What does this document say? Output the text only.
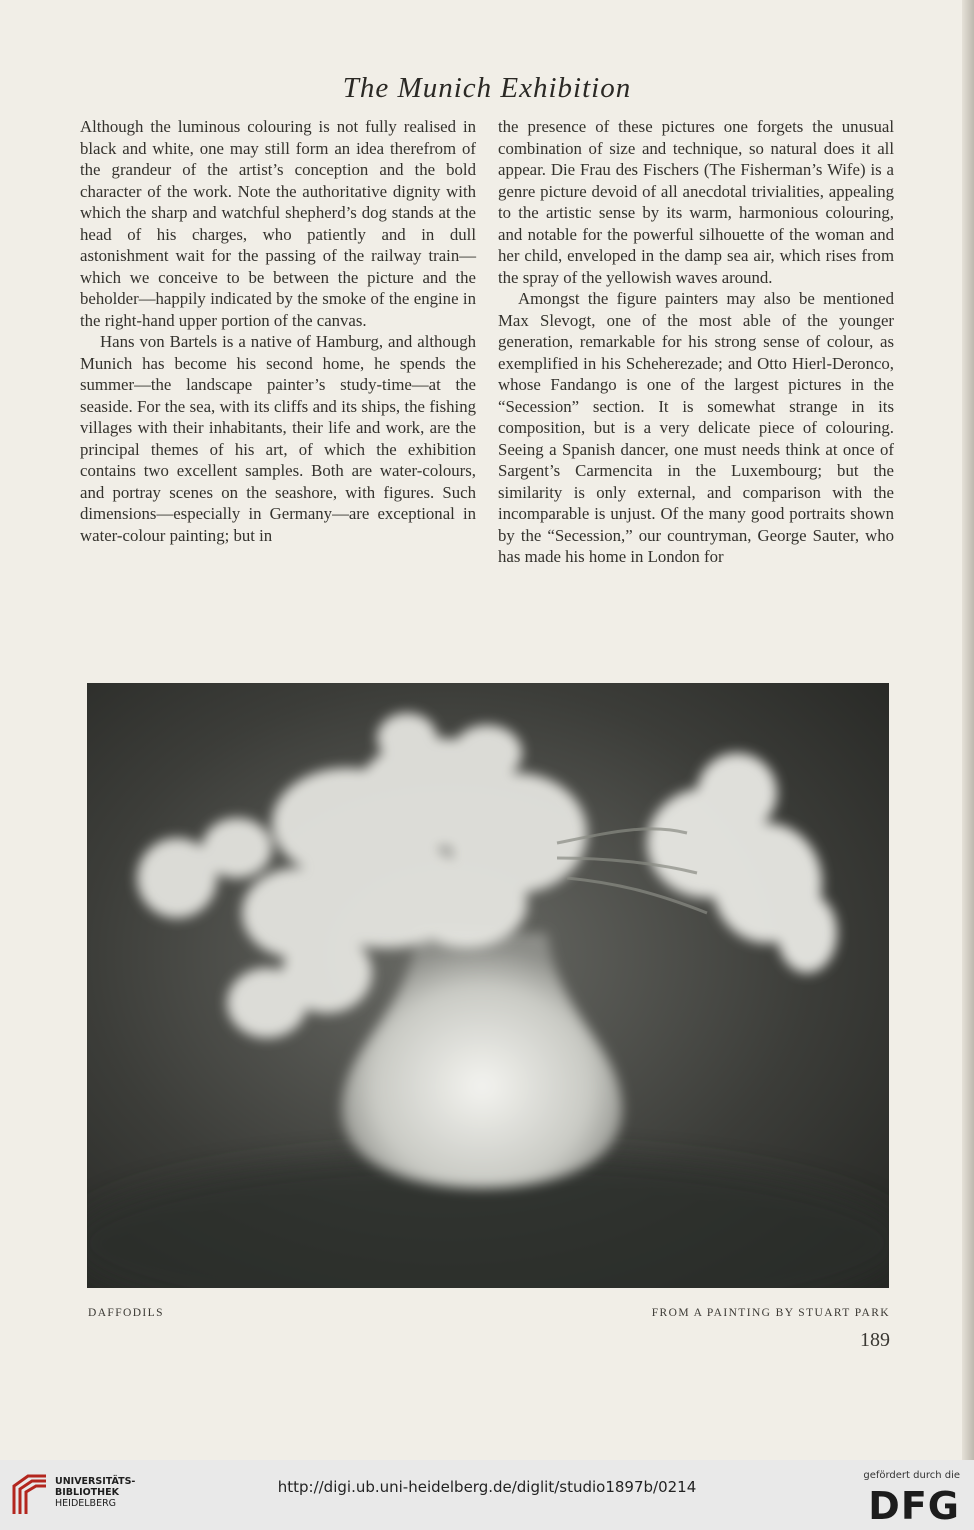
The Munich Exhibition

Although the luminous colouring is not fully realised in black and white, one may still form an idea therefrom of the grandeur of the artist’s conception and the bold character of the work. Note the authoritative dignity with which the sharp and watchful shepherd’s dog stands at the head of his charges, who patiently and in dull astonishment wait for the passing of the railway train—which we conceive to be between the picture and the beholder—happily indicated by the smoke of the engine in the right-hand upper portion of the canvas.

Hans von Bartels is a native of Hamburg, and although Munich has become his second home, he spends the summer—the landscape painter’s study-time—at the seaside. For the sea, with its cliffs and its ships, the fishing villages with their inhabitants, their life and work, are the principal themes of his art, of which the exhibition contains two excellent samples. Both are water-colours, and portray scenes on the seashore, with figures. Such dimensions—especially in Germany—are exceptional in water-colour painting; but in

the presence of these pictures one forgets the unusual combination of size and technique, so natural does it all appear. Die Frau des Fischers (The Fisherman’s Wife) is a genre picture devoid of all anecdotal trivialities, appealing to the artistic sense by its warm, harmonious colouring, and notable for the powerful silhouette of the woman and her child, enveloped in the damp sea air, which rises from the spray of the yellowish waves around.

Amongst the figure painters may also be mentioned Max Slevogt, one of the most able of the younger generation, remarkable for his strong sense of colour, as exemplified in his Scheherezade; and Otto Hierl-Deronco, whose Fandango is one of the largest pictures in the “Secession” section. It is somewhat strange in its composition, but is a very delicate piece of colouring. Seeing a Spanish dancer, one must needs think at once of Sargent’s Carmencita in the Luxembourg; but the similarity is only external, and comparison with the incomparable is unjust. Of the many good portraits shown by the “Secession,” our countryman, George Sauter, who has made his home in London for

DAFFODILS	FROM A PAINTING BY STUART PARK
189
UNIVERSITÄTS-
BIBLIOTHEK
HEIDELBERG
http://digi.ub.uni-heidelberg.de/diglit/studio1897b/0214
gefördert durch die
DFG
